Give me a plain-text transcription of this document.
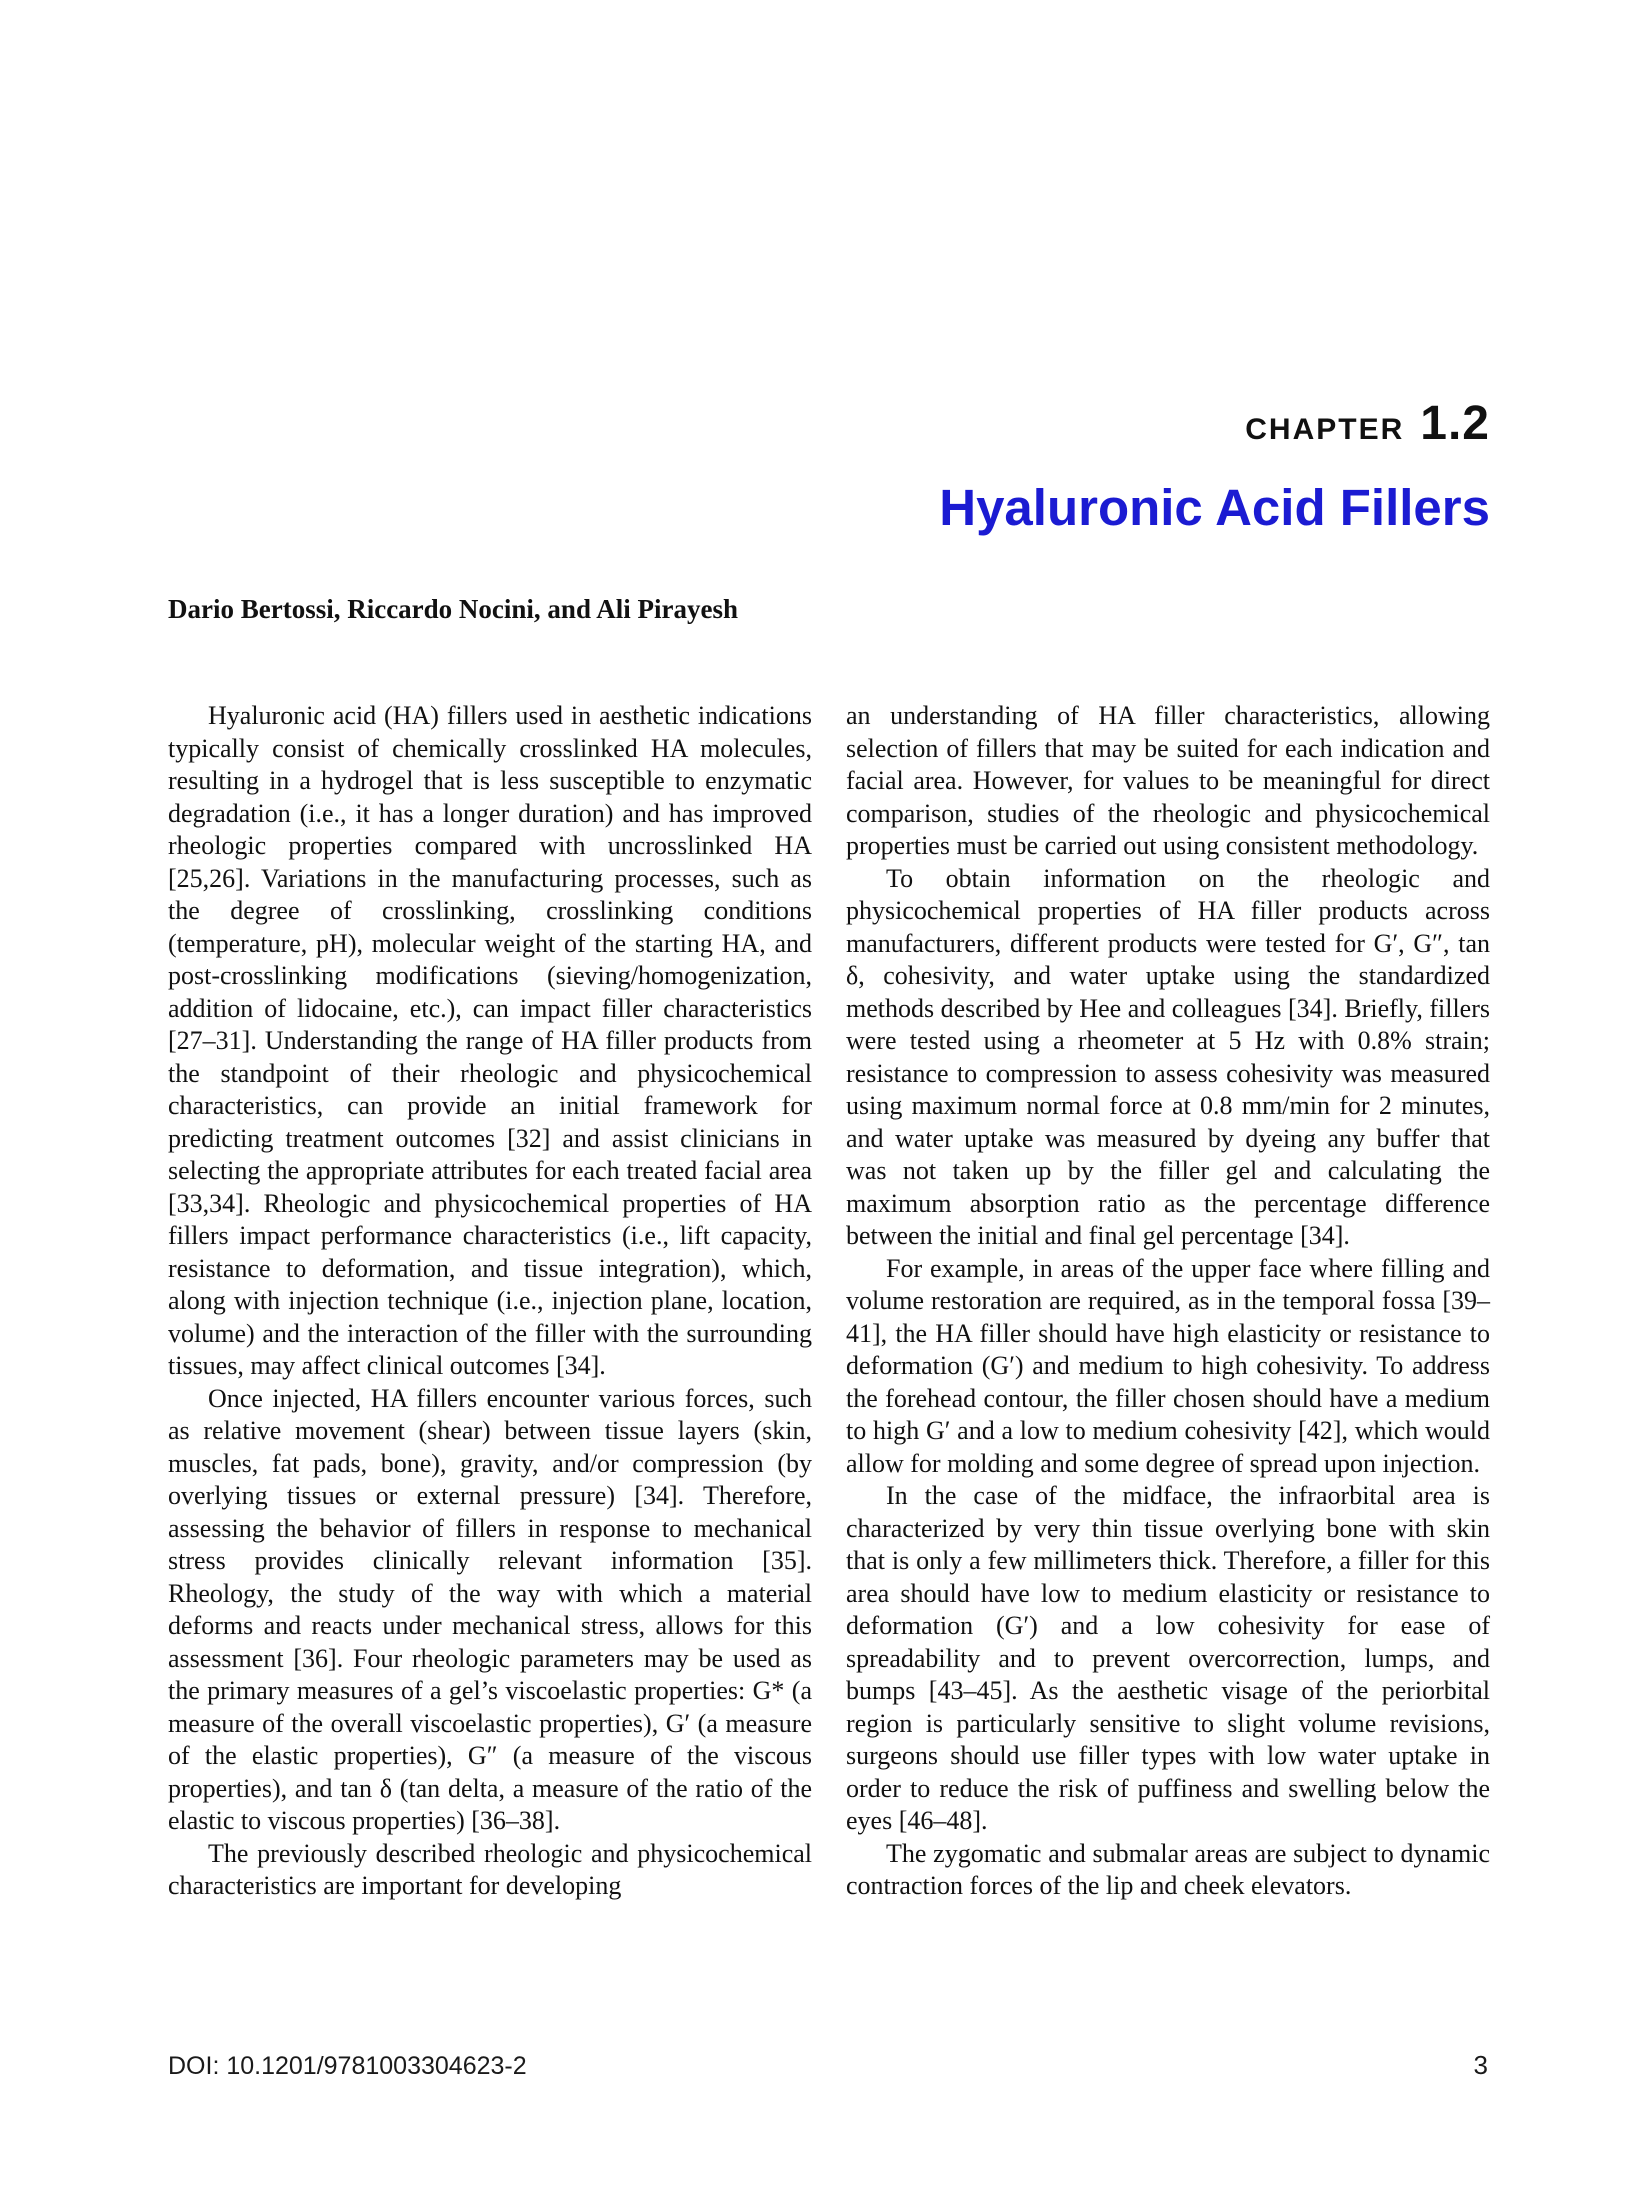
CHAPTER 1.2
Hyaluronic Acid Fillers
Dario Bertossi, Riccardo Nocini, and Ali Pirayesh

Hyaluronic acid (HA) fillers used in aesthetic indications typically consist of chemically crosslinked HA molecules, resulting in a hydrogel that is less susceptible to enzymatic degradation (i.e., it has a longer duration) and has improved rheologic properties compared with uncrosslinked HA [25,26]. Variations in the manufacturing processes, such as the degree of crosslinking, crosslinking conditions (temperature, pH), molecular weight of the starting HA, and post-crosslinking modifications (sieving/homogenization, addition of lidocaine, etc.), can impact filler characteristics [27–31]. Understanding the range of HA filler products from the standpoint of their rheologic and physicochemical characteristics, can provide an initial framework for predicting treatment outcomes [32] and assist clinicians in selecting the appropriate attributes for each treated facial area [33,34]. Rheologic and physicochemical properties of HA fillers impact performance characteristics (i.e., lift capacity, resistance to deformation, and tissue integration), which, along with injection technique (i.e., injection plane, location, volume) and the interaction of the filler with the surrounding tissues, may affect clinical outcomes [34].

Once injected, HA fillers encounter various forces, such as relative movement (shear) between tissue layers (skin, muscles, fat pads, bone), gravity, and/or compression (by overlying tissues or external pressure) [34]. Therefore, assessing the behavior of fillers in response to mechanical stress provides clinically relevant information [35]. Rheology, the study of the way with which a material deforms and reacts under mechanical stress, allows for this assessment [36]. Four rheologic parameters may be used as the primary measures of a gel’s viscoelastic properties: G* (a measure of the overall viscoelastic properties), G′ (a measure of the elastic properties), G″ (a measure of the viscous properties), and tan δ (tan delta, a measure of the ratio of the elastic to viscous properties) [36–38].

The previously described rheologic and physicochemical characteristics are important for developing

an understanding of HA filler characteristics, allowing selection of fillers that may be suited for each indication and facial area. However, for values to be meaningful for direct comparison, studies of the rheologic and physicochemical properties must be carried out using consistent methodology.

To obtain information on the rheologic and physicochemical properties of HA filler products across manufacturers, different products were tested for G′, G″, tan δ, cohesivity, and water uptake using the standardized methods described by Hee and colleagues [34]. Briefly, fillers were tested using a rheometer at 5 Hz with 0.8% strain; resistance to compression to assess cohesivity was measured using maximum normal force at 0.8 mm/min for 2 minutes, and water uptake was measured by dyeing any buffer that was not taken up by the filler gel and calculating the maximum absorption ratio as the percentage difference between the initial and final gel percentage [34].

For example, in areas of the upper face where filling and volume restoration are required, as in the temporal fossa [39–41], the HA filler should have high elasticity or resistance to deformation (G′) and medium to high cohesivity. To address the forehead contour, the filler chosen should have a medium to high G′ and a low to medium cohesivity [42], which would allow for molding and some degree of spread upon injection.

In the case of the midface, the infraorbital area is characterized by very thin tissue overlying bone with skin that is only a few millimeters thick. Therefore, a filler for this area should have low to medium elasticity or resistance to deformation (G′) and a low cohesivity for ease of spreadability and to prevent overcorrection, lumps, and bumps [43–45]. As the aesthetic visage of the periorbital region is particularly sensitive to slight volume revisions, surgeons should use filler types with low water uptake in order to reduce the risk of puffiness and swelling below the eyes [46–48].

The zygomatic and submalar areas are subject to dynamic contraction forces of the lip and cheek elevators.

DOI: 10.1201/9781003304623-2	3
